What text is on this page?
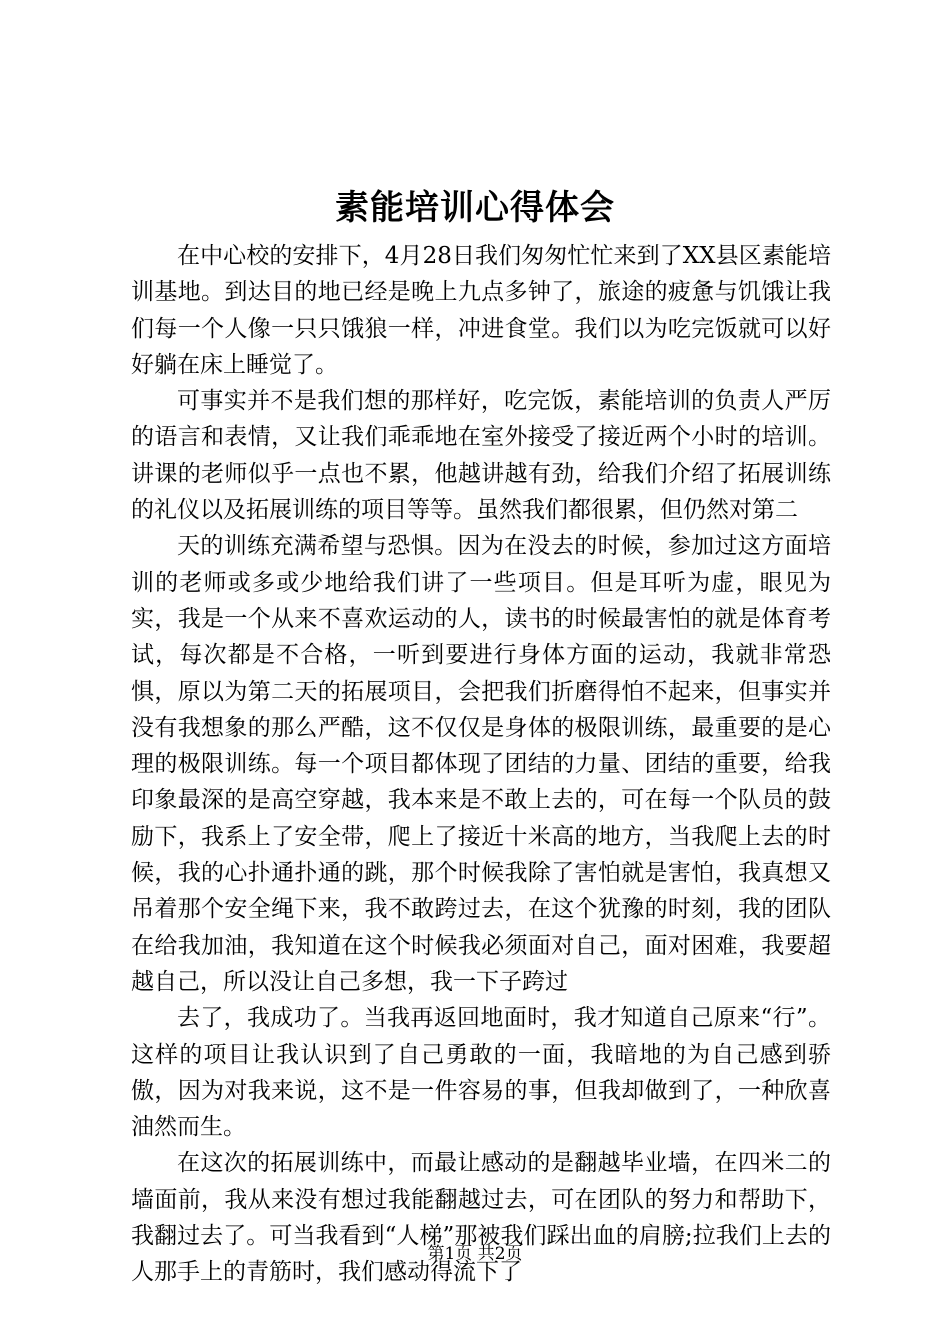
素能培训心得体会

在中心校的安排下，4月28日我们匆匆忙忙来到了XX县区素能培训基地。到达目的地已经是晚上九点多钟了，旅途的疲惫与饥饿让我们每一个人像一只只饿狼一样，冲进食堂。我们以为吃完饭就可以好好躺在床上睡觉了。

可事实并不是我们想的那样好，吃完饭，素能培训的负责人严厉的语言和表情，又让我们乖乖地在室外接受了接近两个小时的培训。讲课的老师似乎一点也不累，他越讲越有劲，给我们介绍了拓展训练的礼仪以及拓展训练的项目等等。虽然我们都很累，但仍然对第二

天的训练充满希望与恐惧。因为在没去的时候，参加过这方面培训的老师或多或少地给我们讲了一些项目。但是耳听为虚，眼见为实，我是一个从来不喜欢运动的人，读书的时候最害怕的就是体育考试，每次都是不合格，一听到要进行身体方面的运动，我就非常恐惧，原以为第二天的拓展项目，会把我们折磨得怕不起来，但事实并没有我想象的那么严酷，这不仅仅是身体的极限训练，最重要的是心理的极限训练。每一个项目都体现了团结的力量、团结的重要，给我印象最深的是高空穿越，我本来是不敢上去的，可在每一个队员的鼓励下，我系上了安全带，爬上了接近十米高的地方，当我爬上去的时候，我的心扑通扑通的跳，那个时候我除了害怕就是害怕，我真想又吊着那个安全绳下来，我不敢跨过去，在这个犹豫的时刻，我的团队在给我加油，我知道在这个时候我必须面对自己，面对困难，我要超越自己，所以没让自己多想，我一下子跨过

去了，我成功了。当我再返回地面时，我才知道自己原来“行”。这样的项目让我认识到了自己勇敢的一面，我暗地的为自己感到骄傲，因为对我来说，这不是一件容易的事，但我却做到了，一种欣喜油然而生。

在这次的拓展训练中，而最让感动的是翻越毕业墙，在四米二的墙面前，我从来没有想过我能翻越过去，可在团队的努力和帮助下，我翻过去了。可当我看到“人梯”那被我们踩出血的肩膀;拉我们上去的人那手上的青筋时，我们感动得流下了

第1页 共2页
